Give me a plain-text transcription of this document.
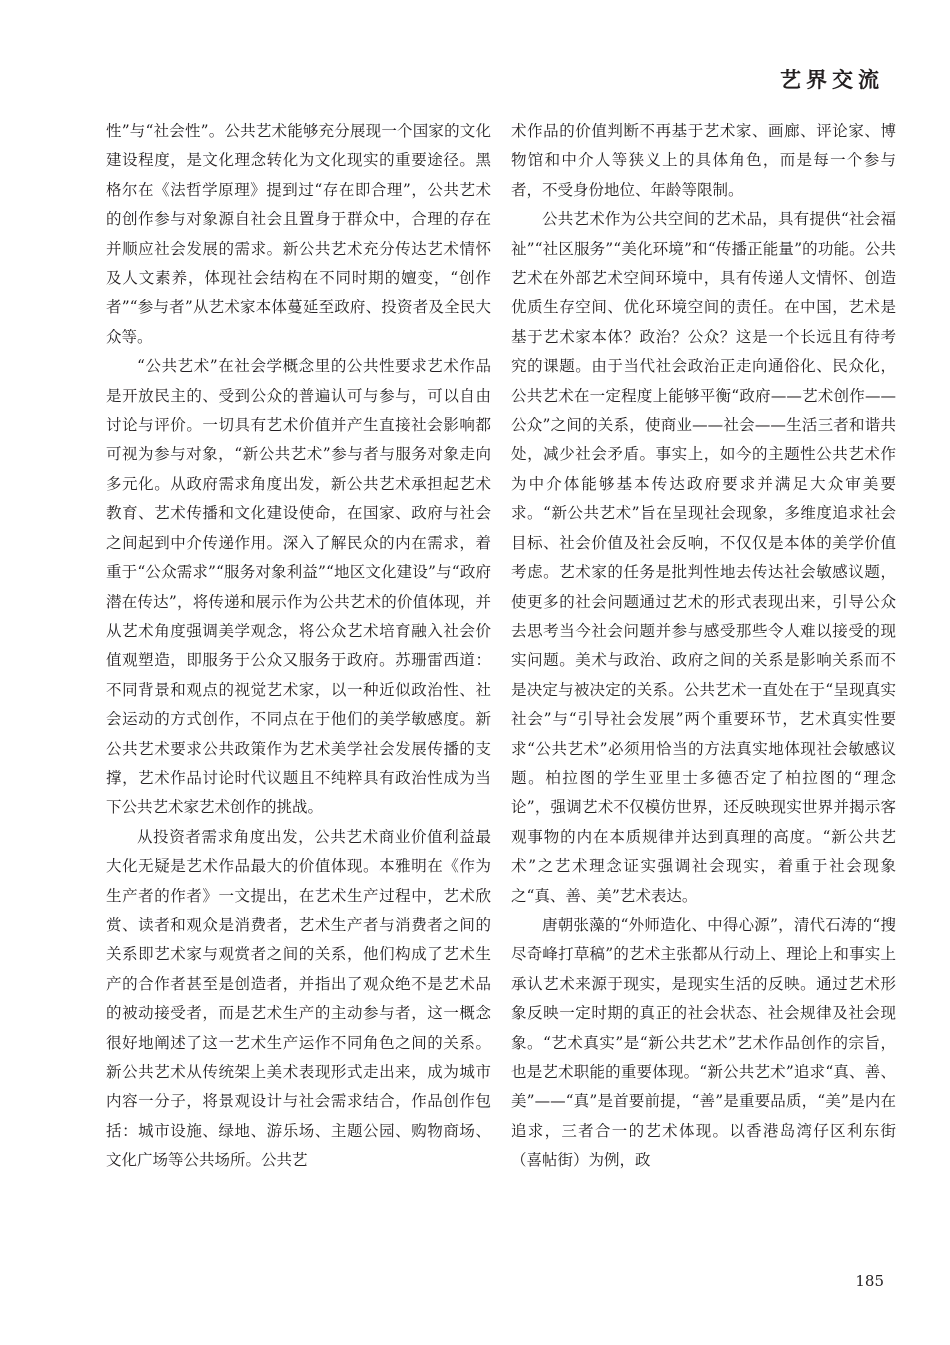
艺界交流

性”与“社会性”。公共艺术能够充分展现一个国家的文化建设程度，是文化理念转化为文化现实的重要途径。黑格尔在《法哲学原理》提到过“存在即合理”，公共艺术的创作参与对象源自社会且置身于群众中，合理的存在并顺应社会发展的需求。新公共艺术充分传达艺术情怀及人文素养，体现社会结构在不同时期的嬗变，“创作者”“参与者”从艺术家本体蔓延至政府、投资者及全民大众等。

“公共艺术”在社会学概念里的公共性要求艺术作品是开放民主的、受到公众的普遍认可与参与，可以自由讨论与评价。一切具有艺术价值并产生直接社会影响都可视为参与对象，“新公共艺术”参与者与服务对象走向多元化。从政府需求角度出发，新公共艺术承担起艺术教育、艺术传播和文化建设使命，在国家、政府与社会之间起到中介传递作用。深入了解民众的内在需求，着重于“公众需求”“服务对象利益”“地区文化建设”与“政府潜在传达”，将传递和展示作为公共艺术的价值体现，并从艺术角度强调美学观念，将公众艺术培育融入社会价值观塑造，即服务于公众又服务于政府。苏珊雷西道：不同背景和观点的视觉艺术家，以一种近似政治性、社会运动的方式创作，不同点在于他们的美学敏感度。新公共艺术要求公共政策作为艺术美学社会发展传播的支撑，艺术作品讨论时代议题且不纯粹具有政治性成为当下公共艺术家艺术创作的挑战。

从投资者需求角度出发，公共艺术商业价值利益最大化无疑是艺术作品最大的价值体现。本雅明在《作为生产者的作者》一文提出，在艺术生产过程中，艺术欣赏、读者和观众是消费者，艺术生产者与消费者之间的关系即艺术家与观赏者之间的关系，他们构成了艺术生产的合作者甚至是创造者，并指出了观众绝不是艺术品的被动接受者，而是艺术生产的主动参与者，这一概念很好地阐述了这一艺术生产运作不同角色之间的关系。新公共艺术从传统架上美术表现形式走出来，成为城市内容一分子，将景观设计与社会需求结合，作品创作包括：城市设施、绿地、游乐场、主题公园、购物商场、文化广场等公共场所。公共艺

术作品的价值判断不再基于艺术家、画廊、评论家、博物馆和中介人等狭义上的具体角色，而是每一个参与者，不受身份地位、年龄等限制。

公共艺术作为公共空间的艺术品，具有提供“社会福祉”“社区服务”“美化环境”和“传播正能量”的功能。公共艺术在外部艺术空间环境中，具有传递人文情怀、创造优质生存空间、优化环境空间的责任。在中国，艺术是基于艺术家本体？政治？公众？这是一个长远且有待考究的课题。由于当代社会政治正走向通俗化、民众化，公共艺术在一定程度上能够平衡“政府——艺术创作——公众”之间的关系，使商业——社会——生活三者和谐共处，减少社会矛盾。事实上，如今的主题性公共艺术作为中介体能够基本传达政府要求并满足大众审美要求。“新公共艺术”旨在呈现社会现象，多维度追求社会目标、社会价值及社会反响，不仅仅是本体的美学价值考虑。艺术家的任务是批判性地去传达社会敏感议题，使更多的社会问题通过艺术的形式表现出来，引导公众去思考当今社会问题并参与感受那些令人难以接受的现实问题。美术与政治、政府之间的关系是影响关系而不是决定与被决定的关系。公共艺术一直处在于“呈现真实社会”与“引导社会发展”两个重要环节，艺术真实性要求“公共艺术”必须用恰当的方法真实地体现社会敏感议题。柏拉图的学生亚里士多德否定了柏拉图的“理念论”，强调艺术不仅模仿世界，还反映现实世界并揭示客观事物的内在本质规律并达到真理的高度。“新公共艺术”之艺术理念证实强调社会现实，着重于社会现象之“真、善、美”艺术表达。

唐朝张藻的“外师造化、中得心源”，清代石涛的“搜尽奇峰打草稿”的艺术主张都从行动上、理论上和事实上承认艺术来源于现实，是现实生活的反映。通过艺术形象反映一定时期的真正的社会状态、社会规律及社会现象。“艺术真实”是“新公共艺术”艺术作品创作的宗旨，也是艺术职能的重要体现。“新公共艺术”追求“真、善、美”——“真”是首要前提，“善”是重要品质，“美”是内在追求，三者合一的艺术体现。以香港岛湾仔区利东街（喜帖街）为例，政

185
